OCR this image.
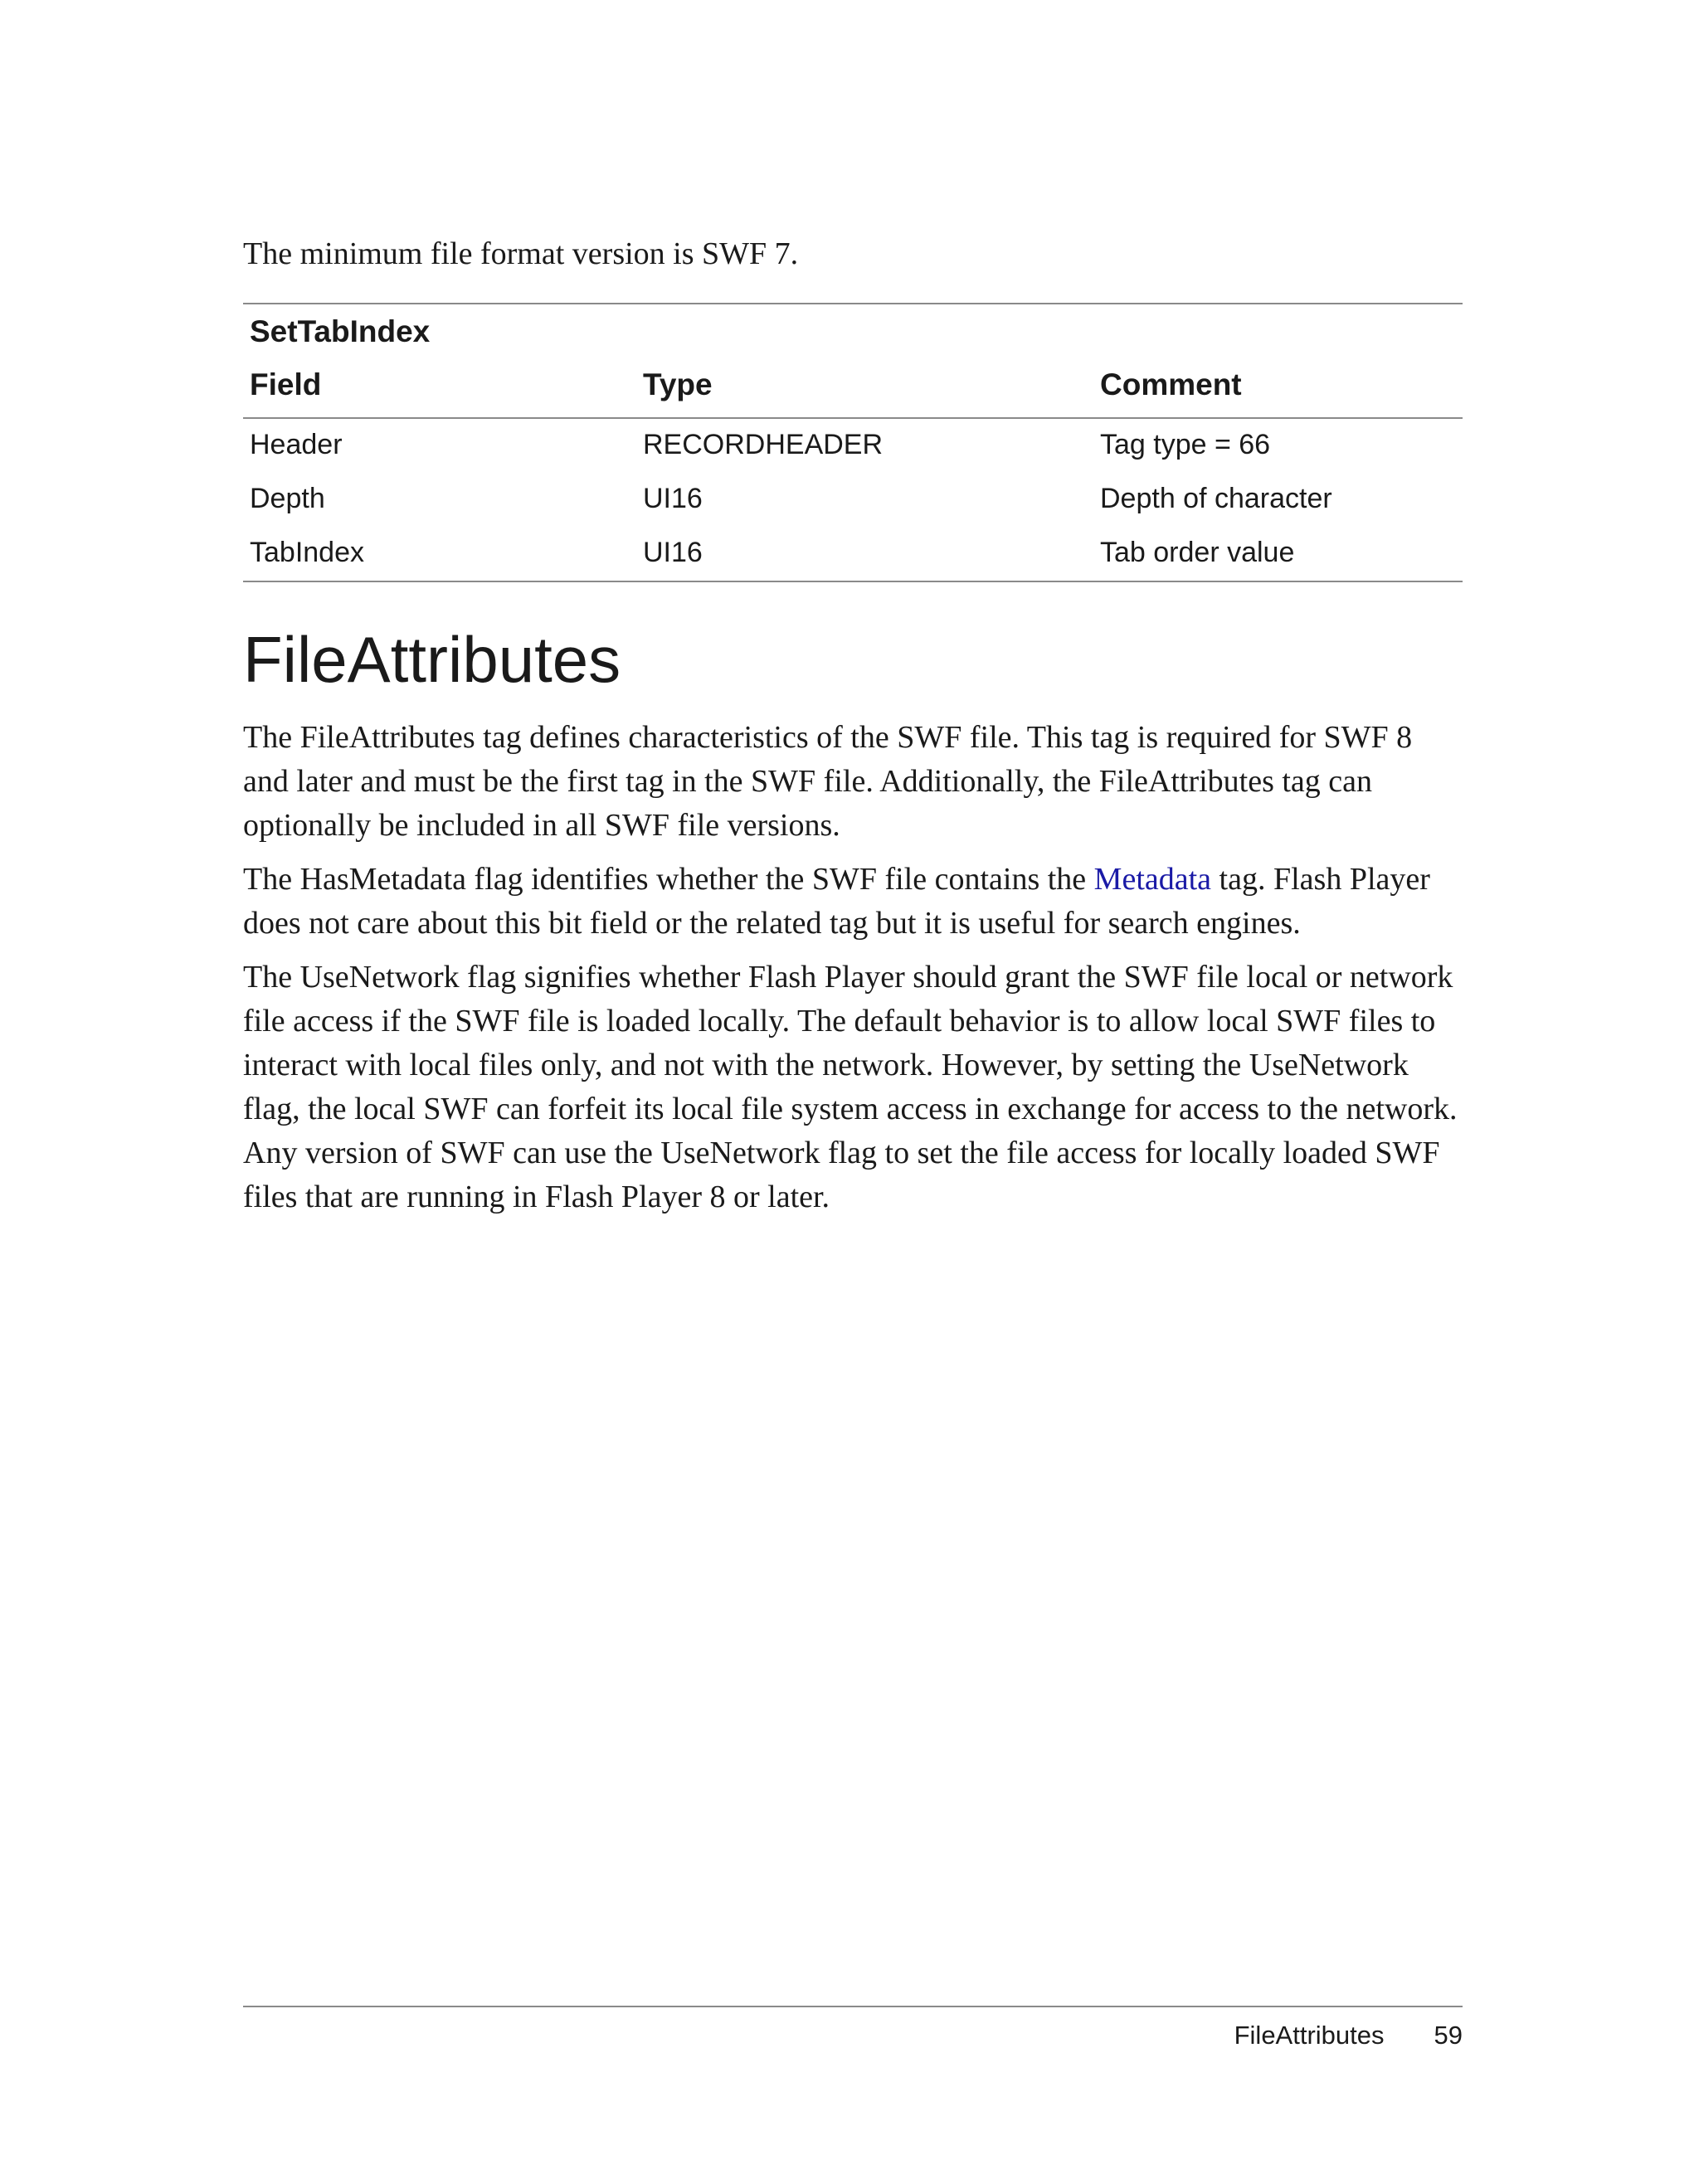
The minimum file format version is SWF 7.

SetTabIndex
Field	Type	Comment
Header	RECORDHEADER	Tag type = 66
Depth	UI16	Depth of character
TabIndex	UI16	Tab order value
FileAttributes

The FileAttributes tag defines characteristics of the SWF file. This tag is required for SWF 8 and later and must be the first tag in the SWF file. Additionally, the FileAttributes tag can optionally be included in all SWF file versions.

The HasMetadata flag identifies whether the SWF file contains the Metadata tag. Flash Player does not care about this bit field or the related tag but it is useful for search engines.

The UseNetwork flag signifies whether Flash Player should grant the SWF file local or network file access if the SWF file is loaded locally. The default behavior is to allow local SWF files to interact with local files only, and not with the network. However, by setting the UseNetwork flag, the local SWF can forfeit its local file system access in exchange for access to the network. Any version of SWF can use the UseNetwork flag to set the file access for locally loaded SWF files that are running in Flash Player 8 or later.

FileAttributes 59
